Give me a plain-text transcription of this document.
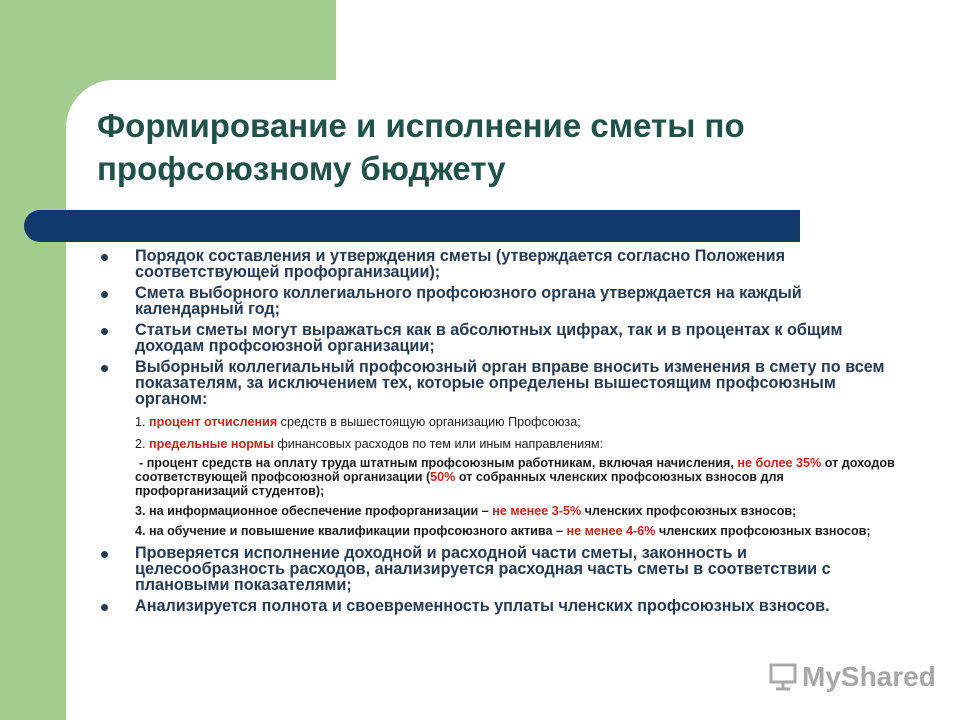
Формирование и исполнение сметы по
профсоюзному бюджету

Порядок составления и утверждения сметы (утверждается согласно Положения соответствующей профорганизации);

Смета выборного коллегиального профсоюзного органа утверждается на каждый календарный год;

Статьи сметы могут выражаться как в абсолютных цифрах, так и в процентах к общим доходам профсоюзной организации;

Выборный коллегиальный профсоюзный орган вправе вносить изменения в смету по всем показателям, за исключением тех, которые определены вышестоящим профсоюзным органом:

1. процент отчисления средств в вышестоящую организацию Профсоюза;

2. предельные нормы финансовых расходов по тем или иным направлениям:

- процент средств на оплату труда штатным профсоюзным работникам, включая начисления, не более 35% от доходов соответствующей профсоюзной организации (50% от собранных членских профсоюзных взносов для профорганизаций студентов);

3. на информационное обеспечение профорганизации – не менее 3-5% членских профсоюзных взносов;

4. на обучение и повышение квалификации профсоюзного актива – не менее 4-6% членских профсоюзных взносов;

Проверяется исполнение доходной и расходной части сметы, законность и целесообразность расходов, анализируется расходная часть сметы в соответствии с плановыми показателями;

Анализируется полнота и своевременность уплаты членских профсоюзных взносов.

MyShared
